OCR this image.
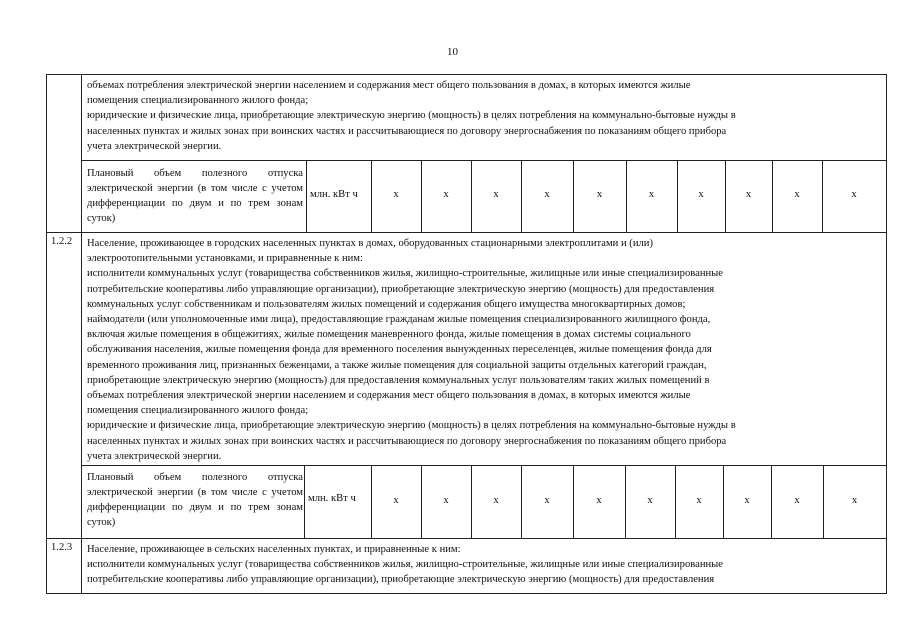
10
объемах потребления электрической энергии населением и содержания мест общего пользования в домах, в которых имеются жилые
помещения специализированного жилого фонда;
юридические и физические лица, приобретающие электрическую энергию (мощность) в целях потребления на коммунально-бытовые нужды в
населенных пунктах и жилых зонах при воинских частях и рассчитывающиеся по договору энергоснабжения по показаниям общего прибора
учета электрической энергии.
Плановый объем полезного отпуска электрической энергии (в том числе с учетом дифференциации по двум и по трем зонам суток)
млн. кВт ч	х	х	х	х	х	х	х	х	х	х
1.2.2 Население, проживающее в городских населенных пунктах в домах, оборудованных стационарными электроплитами и (или)
электроотопительными установками, и приравненные к ним:
исполнители коммунальных услуг (товарищества собственников жилья, жилищно-строительные, жилищные или иные специализированные
потребительские кооперативы либо управляющие организации), приобретающие электрическую энергию (мощность) для предоставления
коммунальных услуг собственникам и пользователям жилых помещений и содержания общего имущества многоквартирных домов;
наймодатели (или уполномоченные ими лица), предоставляющие гражданам жилые помещения специализированного жилищного фонда,
включая жилые помещения в общежитиях, жилые помещения маневренного фонда, жилые помещения в домах системы социального
обслуживания населения, жилые помещения фонда для временного поселения вынужденных переселенцев, жилые помещения фонда для
временного проживания лиц, признанных беженцами, а также жилые помещения для социальной защиты отдельных категорий граждан,
приобретающие электрическую энергию (мощность) для предоставления коммунальных услуг пользователям таких жилых помещений в
объемах потребления электрической энергии населением и содержания мест общего пользования в домах, в которых имеются жилые
помещения специализированного жилого фонда;
юридические и физические лица, приобретающие электрическую энергию (мощность) в целях потребления на коммунально-бытовые нужды в
населенных пунктах и жилых зонах при воинских частях и рассчитывающиеся по договору энергоснабжения по показаниям общего прибора
учета электрической энергии.
Плановый объем полезного отпуска электрической энергии (в том числе с учетом дифференциации по двум и по трем зонам суток)
млн. кВт ч	х	х	х	х	х	х	х	х	х	х
1.2.3 Население, проживающее в сельских населенных пунктах, и приравненные к ним:
исполнители коммунальных услуг (товарищества собственников жилья, жилищно-строительные, жилищные или иные специализированные
потребительские кооперативы либо управляющие организации), приобретающие электрическую энергию (мощность) для предоставления
